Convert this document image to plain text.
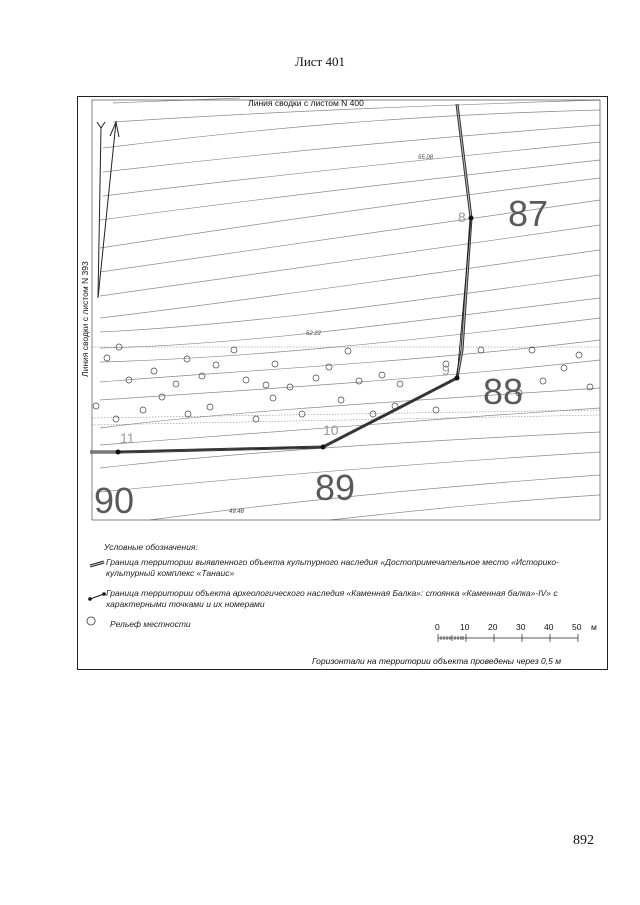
Лист 401
Линия сводки с листом N 400
Линия сводки с листом N 393
55.08
52.22
49.48
87
88
89
90
8
9
10
11
Условные обозначения:
Граница территории выявленного объекта культурного наследия «Достопримечательное место «Историко-культурный комплекс «Танаис»
Граница территории объекта археологического наследия «Каменная Балка»: стоянка «Каменная балка»-IV» с характерными точками и их номерами
Рельеф местности	0 10 20 30 40 50 м
Горизонтали на территории объекта проведены через 0,5 м
892
